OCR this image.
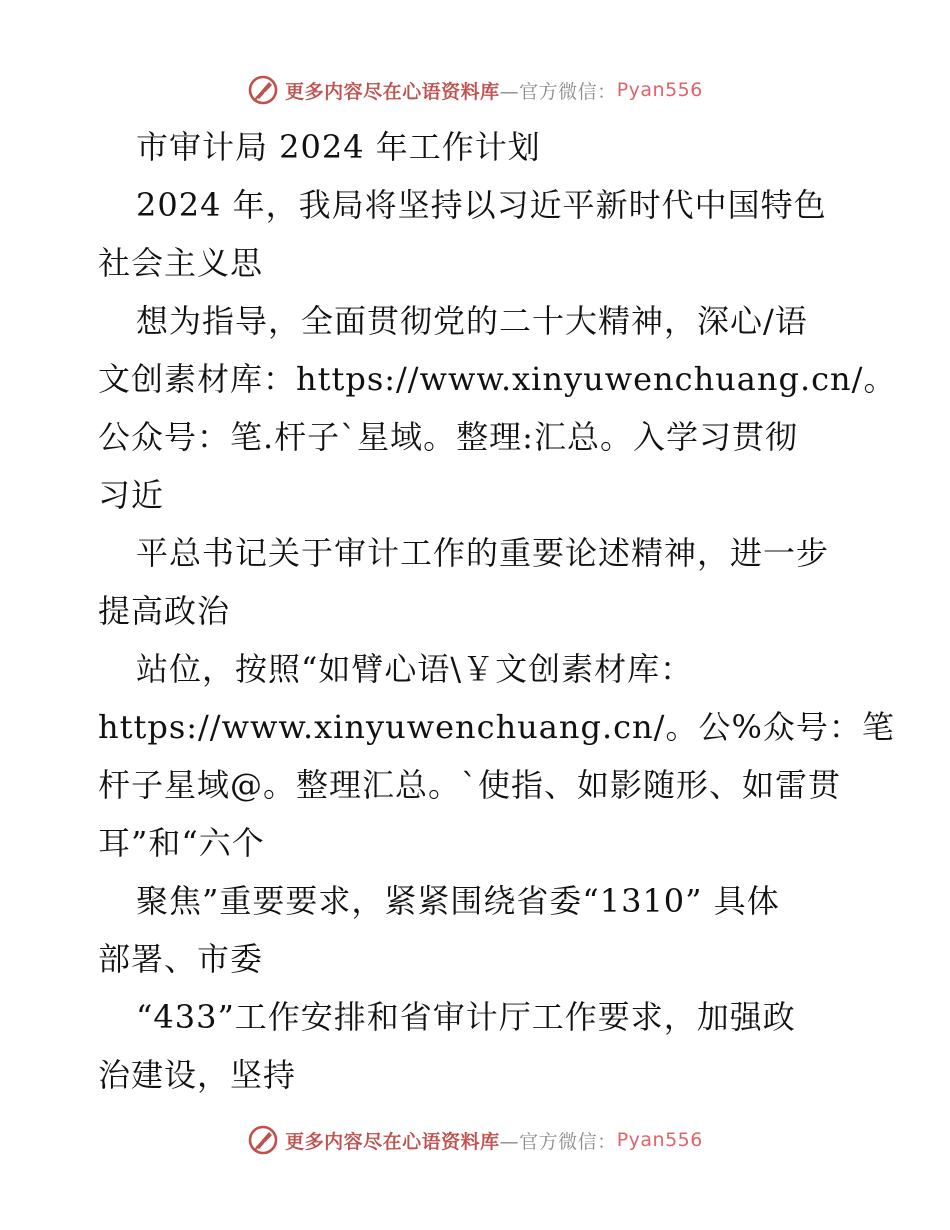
更多内容尽在心语资料库 —官方微信： Pyan556
市审计局 2024 年工作计划
2024 年，我局将坚持以习近平新时代中国特色
社会主义思
想为指导，全面贯彻党的二十大精神，深心/语
文创素材库：https://www.xinyuwenchuang.cn/。
公众号：笔.杆子`星域。整理:汇总。入学习贯彻
习近
平总书记关于审计工作的重要论述精神，进一步
提高政治
站位，按照“如臂心语\￥文创素材库：
https://www.xinyuwenchuang.cn/。公%众号：笔
杆子星域@。整理汇总。`使指、如影随形、如雷贯
耳”和“六个
聚焦”重要要求，紧紧围绕省委“1310” 具体
部署、市委
“433”工作安排和省审计厅工作要求，加强政
治建设，坚持
更多内容尽在心语资料库 —官方微信： Pyan556
